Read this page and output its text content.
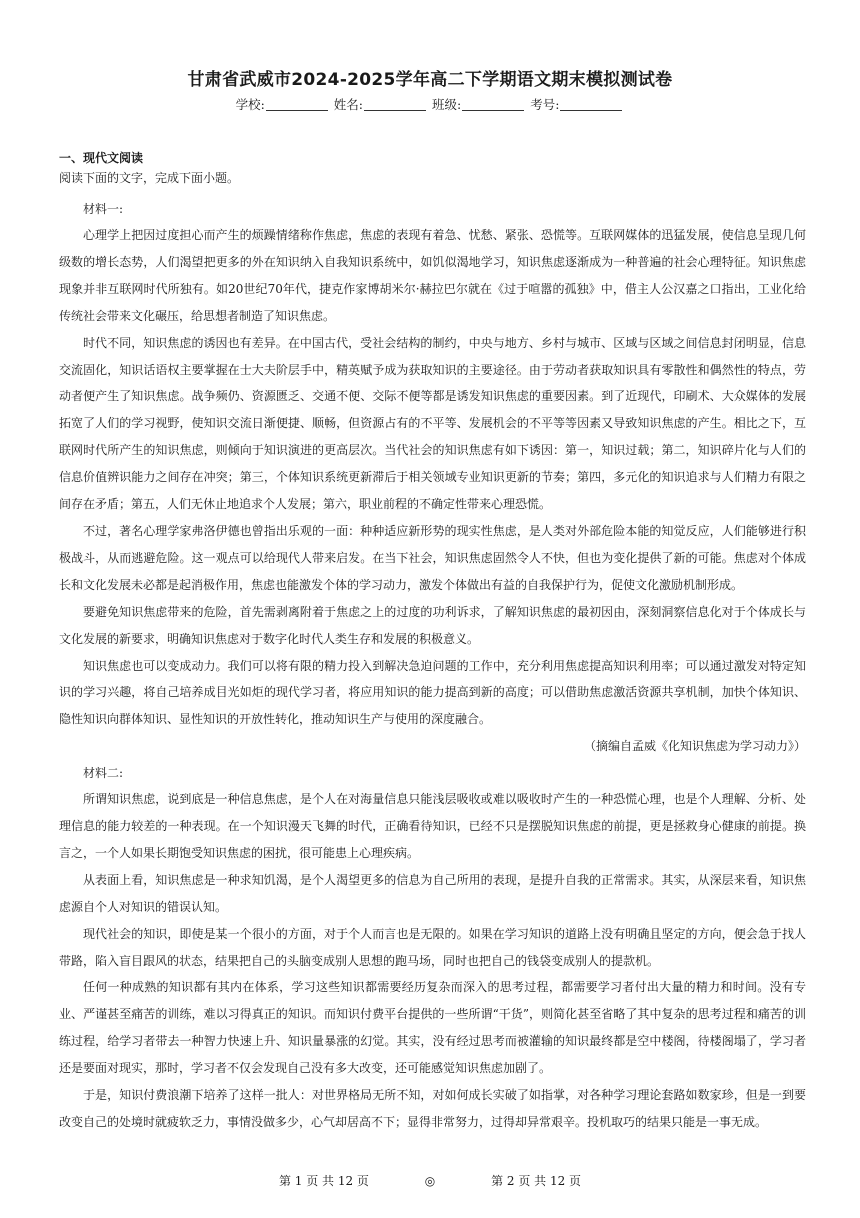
甘肃省武威市2024-2025学年高二下学期语文期末模拟测试卷
学校:	姓名:	班级:	考号:
一、现代文阅读
阅读下面的文字，完成下面小题。
材料一:

心理学上把因过度担心而产生的烦躁情绪称作焦虑，焦虑的表现有着急、忧愁、紧张、恐慌等。互联网媒体的迅猛发展，使信息呈现几何级数的增长态势，人们渴望把更多的外在知识纳入自我知识系统中，如饥似渴地学习，知识焦虑逐渐成为一种普遍的社会心理特征。知识焦虑现象并非互联网时代所独有。如20世纪70年代，捷克作家博胡米尔·赫拉巴尔就在《过于喧嚣的孤独》中，借主人公汉嘉之口指出，工业化给传统社会带来文化碾压，给思想者制造了知识焦虑。

时代不同，知识焦虑的诱因也有差异。在中国古代，受社会结构的制约，中央与地方、乡村与城市、区域与区域之间信息封闭明显，信息交流固化，知识话语权主要掌握在士大夫阶层手中，精英赋予成为获取知识的主要途径。由于劳动者获取知识具有零散性和偶然性的特点，劳动者便产生了知识焦虑。战争频仍、资源匮乏、交通不便、交际不便等都是诱发知识焦虑的重要因素。到了近现代，印刷术、大众媒体的发展拓宽了人们的学习视野，使知识交流日渐便捷、顺畅，但资源占有的不平等、发展机会的不平等等因素又导致知识焦虑的产生。相比之下，互联网时代所产生的知识焦虑，则倾向于知识演进的更高层次。当代社会的知识焦虑有如下诱因：第一，知识过载；第二，知识碎片化与人们的信息价值辨识能力之间存在冲突；第三，个体知识系统更新滞后于相关领域专业知识更新的节奏；第四，多元化的知识追求与人们精力有限之间存在矛盾；第五，人们无休止地追求个人发展；第六，职业前程的不确定性带来心理恐慌。

不过，著名心理学家弗洛伊德也曾指出乐观的一面：种种适应新形势的现实性焦虑，是人类对外部危险本能的知觉反应，人们能够进行积极战斗，从而逃避危险。这一观点可以给现代人带来启发。在当下社会，知识焦虑固然令人不快，但也为变化提供了新的可能。焦虑对个体成长和文化发展未必都是起消极作用，焦虑也能激发个体的学习动力，激发个体做出有益的自我保护行为，促使文化激励机制形成。

要避免知识焦虑带来的危险，首先需剥离附着于焦虑之上的过度的功利诉求，了解知识焦虑的最初因由，深刻洞察信息化对于个体成长与文化发展的新要求，明确知识焦虑对于数字化时代人类生存和发展的积极意义。

知识焦虑也可以变成动力。我们可以将有限的精力投入到解决急迫问题的工作中，充分利用焦虑提高知识利用率；可以通过激发对特定知识的学习兴趣，将自己培养成目光如炬的现代学习者，将应用知识的能力提高到新的高度；可以借助焦虑激活资源共享机制，加快个体知识、隐性知识向群体知识、显性知识的开放性转化，推动知识生产与使用的深度融合。

（摘编自孟威《化知识焦虑为学习动力》）
材料二:

所谓知识焦虑，说到底是一种信息焦虑，是个人在对海量信息只能浅层吸收或难以吸收时产生的一种恐慌心理，也是个人理解、分析、处理信息的能力较差的一种表现。在一个知识漫天飞舞的时代，正确看待知识，已经不只是摆脱知识焦虑的前提，更是拯救身心健康的前提。换言之，一个人如果长期饱受知识焦虑的困扰，很可能患上心理疾病。

从表面上看，知识焦虑是一种求知饥渴，是个人渴望更多的信息为自己所用的表现，是提升自我的正常需求。其实，从深层来看，知识焦虑源自个人对知识的错误认知。

现代社会的知识，即使是某一个很小的方面，对于个人而言也是无限的。如果在学习知识的道路上没有明确且坚定的方向，便会急于找人带路，陷入盲目跟风的状态，结果把自己的头脑变成别人思想的跑马场，同时也把自己的钱袋变成别人的提款机。

任何一种成熟的知识都有其内在体系，学习这些知识都需要经历复杂而深入的思考过程，都需要学习者付出大量的精力和时间。没有专业、严谨甚至痛苦的训练，难以习得真正的知识。而知识付费平台提供的一些所谓“干货”，则简化甚至省略了其中复杂的思考过程和痛苦的训练过程，给学习者带去一种智力快速上升、知识量暴涨的幻觉。其实，没有经过思考而被灌输的知识最终都是空中楼阁，待楼阁塌了，学习者还是要面对现实，那时，学习者不仅会发现自己没有多大改变，还可能感觉知识焦虑加剧了。

于是，知识付费浪潮下培养了这样一批人：对世界格局无所不知，对如何成长实破了如指掌，对各种学习理论套路如数家珍，但是一到要改变自己的处境时就疲软乏力，事情没做多少，心气却居高不下；显得非常努力，过得却异常艰辛。投机取巧的结果只能是一事无成。

第 1 页 共 12 页	◎	第 2 页 共 12 页
